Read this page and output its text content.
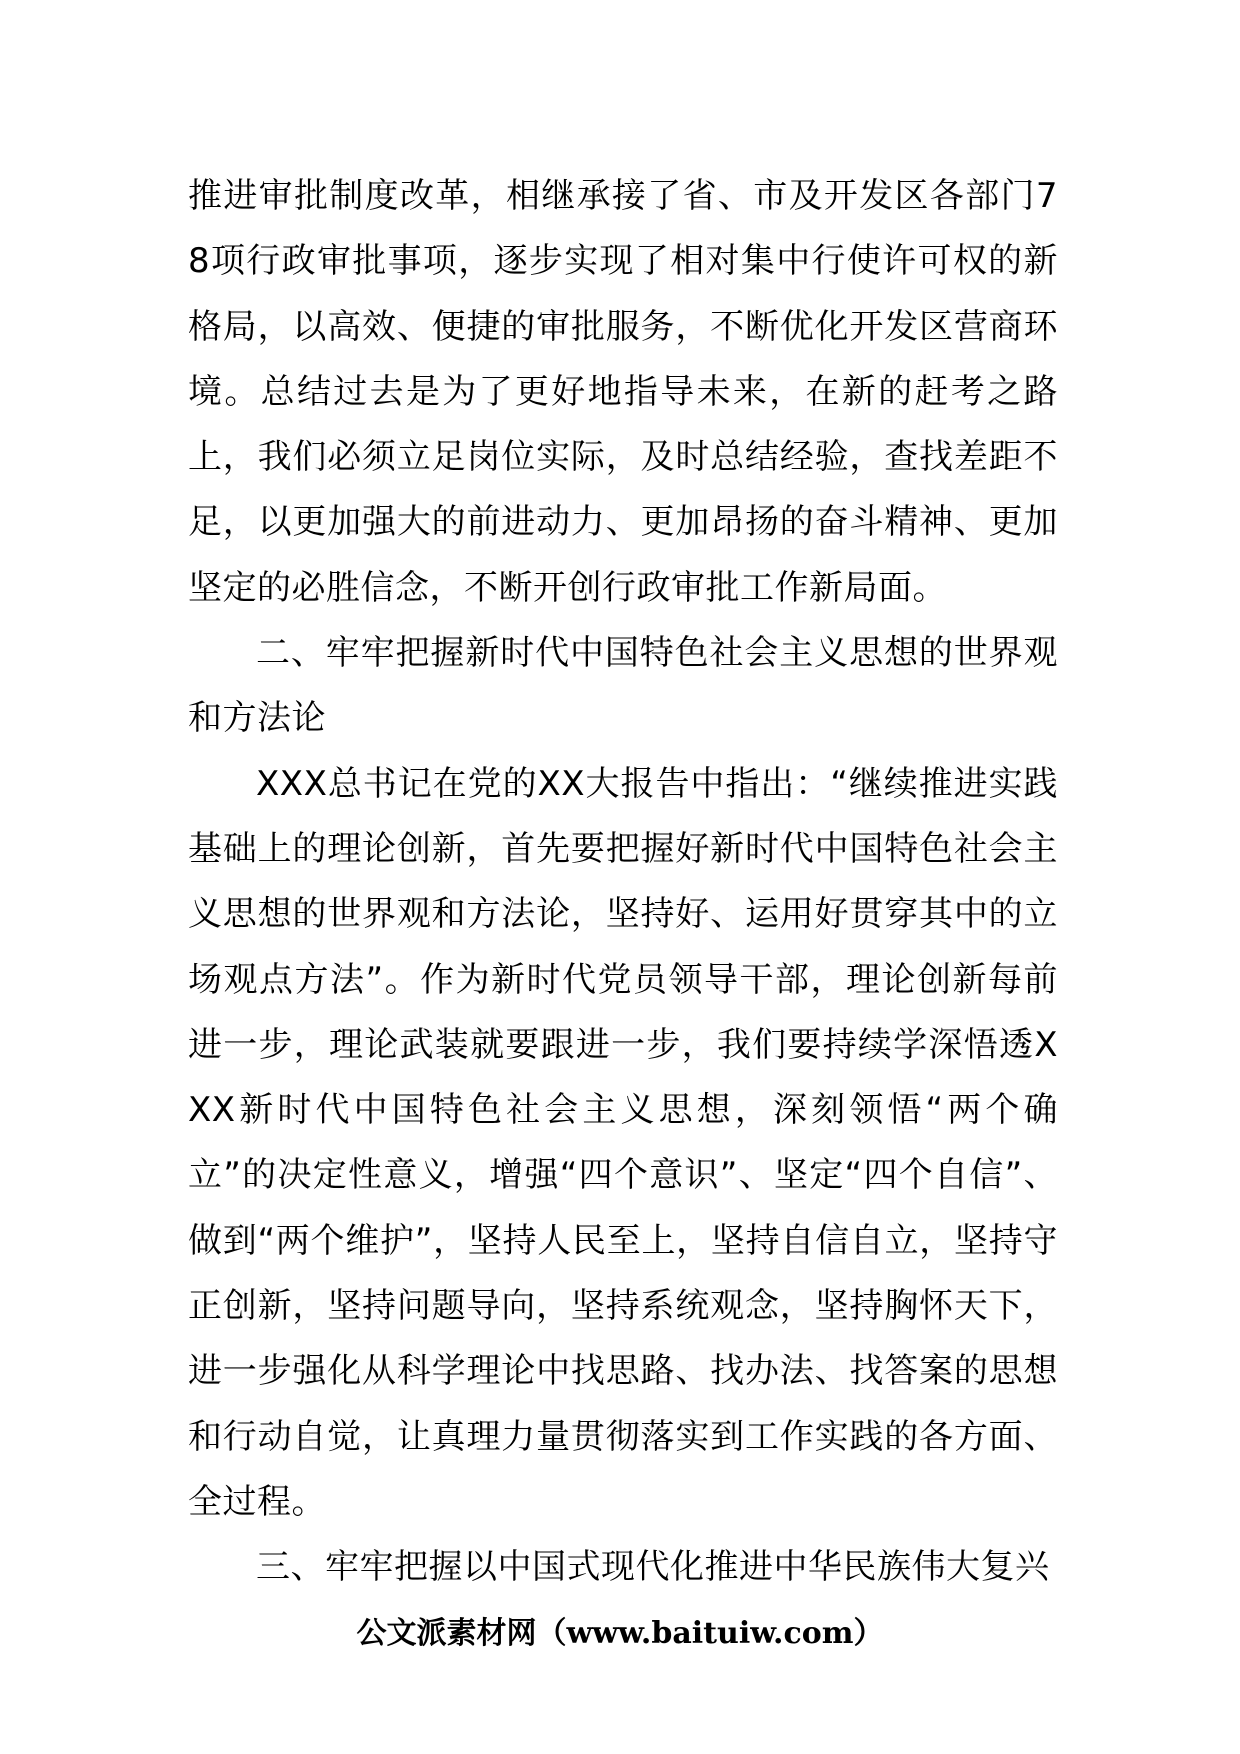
推进审批制度改革，相继承接了省、市及开发区各部门78项行政审批事项，逐步实现了相对集中行使许可权的新格局，以高效、便捷的审批服务，不断优化开发区营商环境。总结过去是为了更好地指导未来，在新的赶考之路上，我们必须立足岗位实际，及时总结经验，查找差距不足，以更加强大的前进动力、更加昂扬的奋斗精神、更加坚定的必胜信念，不断开创行政审批工作新局面。

二、牢牢把握新时代中国特色社会主义思想的世界观和方法论

XXX总书记在党的XX大报告中指出：“继续推进实践基础上的理论创新，首先要把握好新时代中国特色社会主义思想的世界观和方法论，坚持好、运用好贯穿其中的立场观点方法”。作为新时代党员领导干部，理论创新每前进一步，理论武装就要跟进一步，我们要持续学深悟透XXX新时代中国特色社会主义思想，深刻领悟“两个确立”的决定性意义，增强“四个意识”、坚定“四个自信”、做到“两个维护”，坚持人民至上，坚持自信自立，坚持守正创新，坚持问题导向，坚持系统观念，坚持胸怀天下，进一步强化从科学理论中找思路、找办法、找答案的思想和行动自觉，让真理力量贯彻落实到工作实践的各方面、全过程。

三、牢牢把握以中国式现代化推进中华民族伟大复兴

公文派素材网（www.baituiw.com）
